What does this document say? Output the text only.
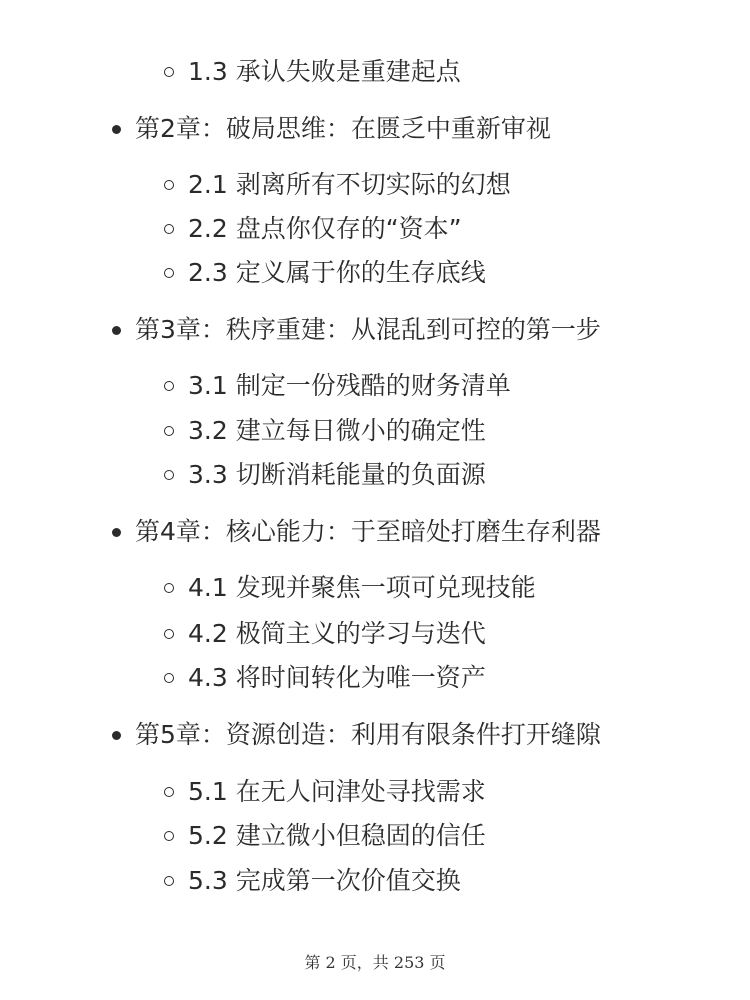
1.3 承认失败是重建起点
第2章：破局思维：在匮乏中重新审视
2.1 剥离所有不切实际的幻想
2.2 盘点你仅存的“资本”
2.3 定义属于你的生存底线
第3章：秩序重建：从混乱到可控的第一步
3.1 制定一份残酷的财务清单
3.2 建立每日微小的确定性
3.3 切断消耗能量的负面源
第4章：核心能力：于至暗处打磨生存利器
4.1 发现并聚焦一项可兑现技能
4.2 极简主义的学习与迭代
4.3 将时间转化为唯一资产
第5章：资源创造：利用有限条件打开缝隙
5.1 在无人问津处寻找需求
5.2 建立微小但稳固的信任
5.3 完成第一次价值交换
第 2 页，共 253 页
